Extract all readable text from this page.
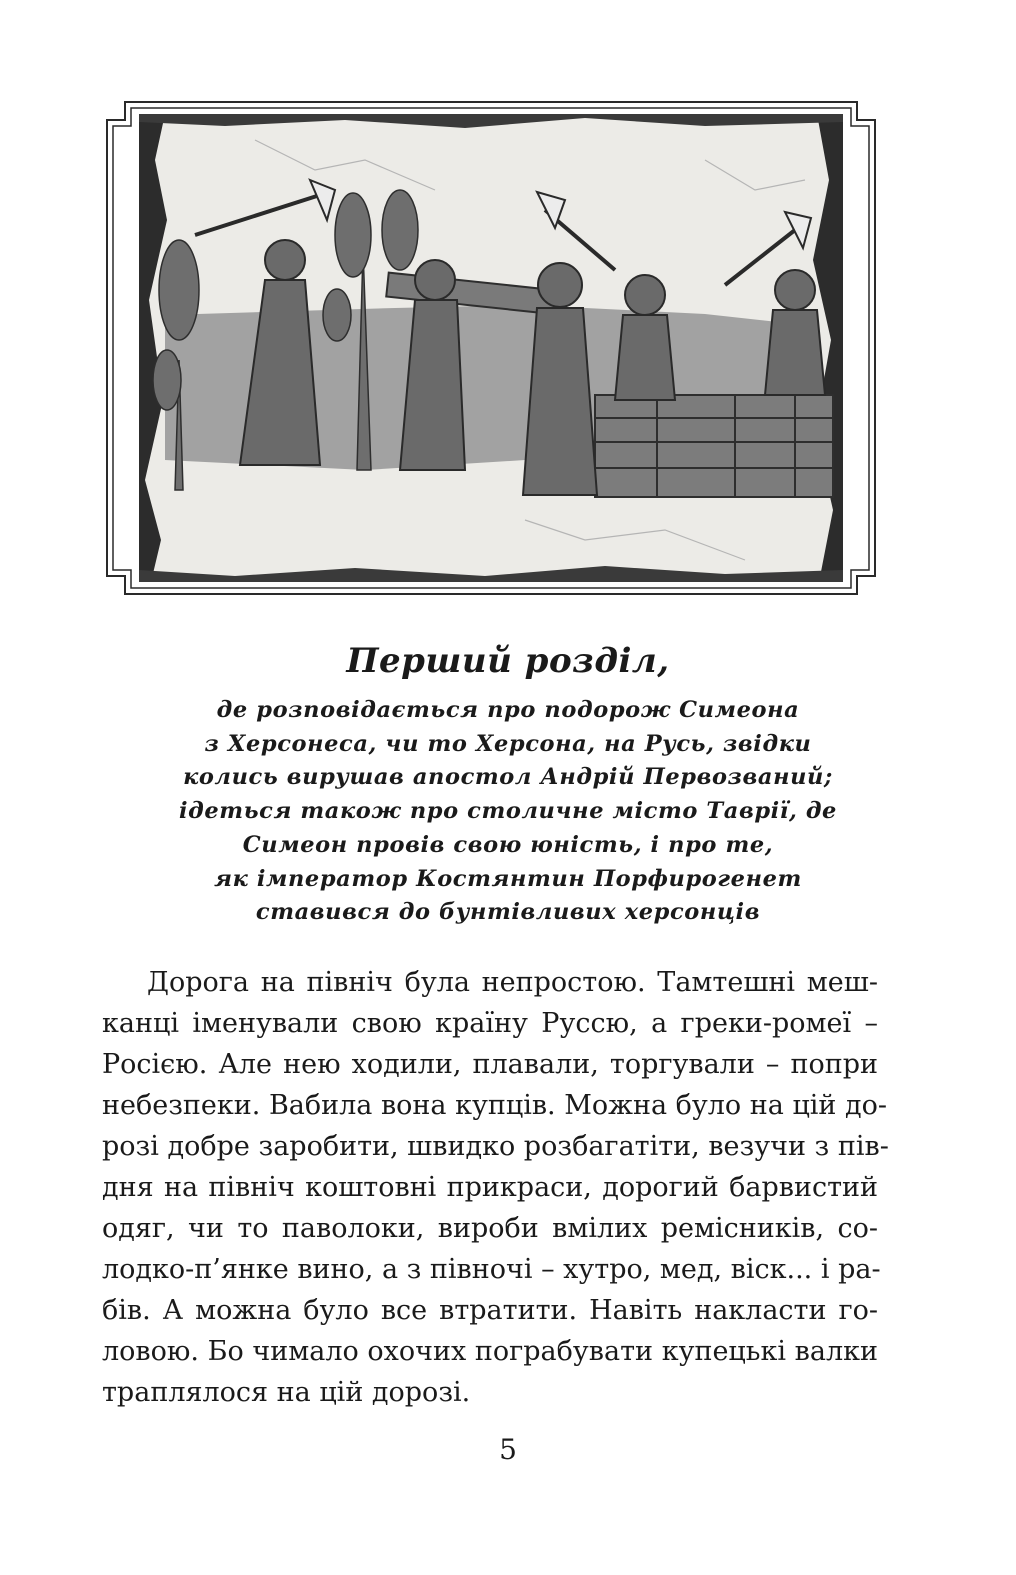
Перший розділ,
де розповідається про подорож Симеона
з Херсонеса, чи то Херсона, на Русь, звідки
колись вирушав апостол Андрій Первозваний;
ідеться також про столичне місто Таврії, де
Симеон провів свою юність, і про те,
як імператор Костянтин Порфирогенет
ставився до бунтівливих херсонців
Дорога на північ була непростою. Тамтешні меш-
канці іменували свою країну Руссю, а греки-ромеї –
Росією. Але нею ходили, плавали, торгували – попри
небезпеки. Вабила вона купців. Можна було на цій до-
розі добре заробити, швидко розбагатіти, везучи з пів-
дня на північ коштовні прикраси, дорогий барвистий
одяг, чи то паволоки, вироби вмілих ремісників, со-
лодко-п’янке вино, а з півночі – хутро, мед, віск... і ра-
бів. А можна було все втратити. Навіть накласти го-
ловою. Бо чимало охочих пограбувати купецькі валки
траплялося на цій дорозі.
5
